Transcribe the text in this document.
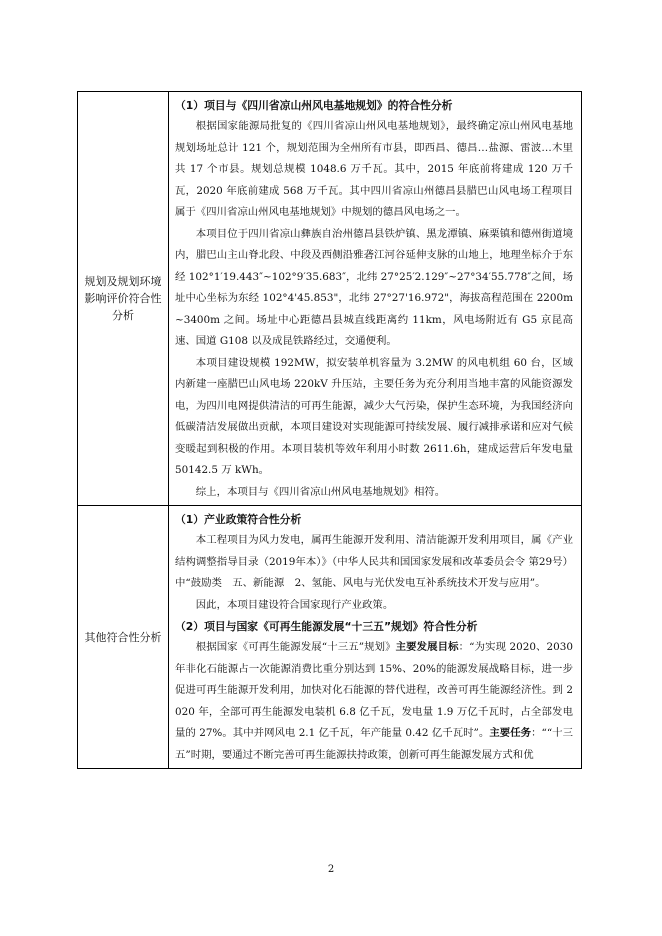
规划及规划环境影响评价符合性分析	（1）项目与《四川省凉山州风电基地规划》的符合性分析

根据国家能源局批复的《四川省凉山州风电基地规划》，最终确定凉山州风电基地规划场址总计 121 个，规划范围为全州所有市县，即西昌、德昌…盐源、雷波…木里共 17 个市县。规划总规模 1048.6 万千瓦。其中，2015 年底前将建成 120 万千瓦，2020 年底前建成 568 万千瓦。其中四川省凉山州德昌县腊巴山风电场工程项目属于《四川省凉山州风电基地规划》中规划的德昌风电场之一。

本项目位于四川省凉山彝族自治州德昌县铁炉镇、黑龙潭镇、麻栗镇和德州街道境内，腊巴山主山脊北段、中段及西侧沿雅砻江河谷延伸支脉的山地上，地理坐标介于东经 102°1′19.443″~102°9′35.683″，北纬 27°25′2.129″~27°34′55.778″之间，场址中心坐标为东经 102°4'45.853"，北纬 27°27'16.972"，海拔高程范围在 2200m~3400m 之间。场址中心距德昌县城直线距离约 11km，风电场附近有 G5 京昆高速、国道 G108 以及成昆铁路经过，交通便利。

本项目建设规模 192MW，拟安装单机容量为 3.2MW 的风电机组 60 台，区域内新建一座腊巴山风电场 220kV 升压站，主要任务为充分利用当地丰富的风能资源发电，为四川电网提供清洁的可再生能源，减少大气污染，保护生态环境，为我国经济向低碳清洁发展做出贡献，本项目建设对实现能源可持续发展、履行减排承诺和应对气候变暖起到积极的作用。本项目装机等效年利用小时数 2611.6h，建成运营后年发电量 50142.5 万 kWh。

综上，本项目与《四川省凉山州风电基地规划》相符。

其他符合性分析	（1）产业政策符合性分析

本工程项目为风力发电，属再生能源开发利用、清洁能源开发利用项目，属《产业结构调整指导目录（2019年本）》（中华人民共和国国家发展和改革委员会令 第29号）中“鼓励类　五、新能源　2、氢能、风电与光伏发电互补系统技术开发与应用”。

因此，本项目建设符合国家现行产业政策。

（2）项目与国家《可再生能源发展“十三五”规划》符合性分析

根据国家《可再生能源发展“十三五”规划》主要发展目标：“为实现 2020、2030 年非化石能源占一次能源消费比重分别达到 15%、20%的能源发展战略目标，进一步促进可再生能源开发利用，加快对化石能源的替代进程，改善可再生能源经济性。到 2020 年，全部可再生能源发电装机 6.8 亿千瓦，发电量 1.9 万亿千瓦时，占全部发电量的 27%。其中并网风电 2.1 亿千瓦，年产能量 0.42 亿千瓦时”。主要任务：““十三五”时期，要通过不断完善可再生能源扶持政策，创新可再生能源发展方式和优

2
